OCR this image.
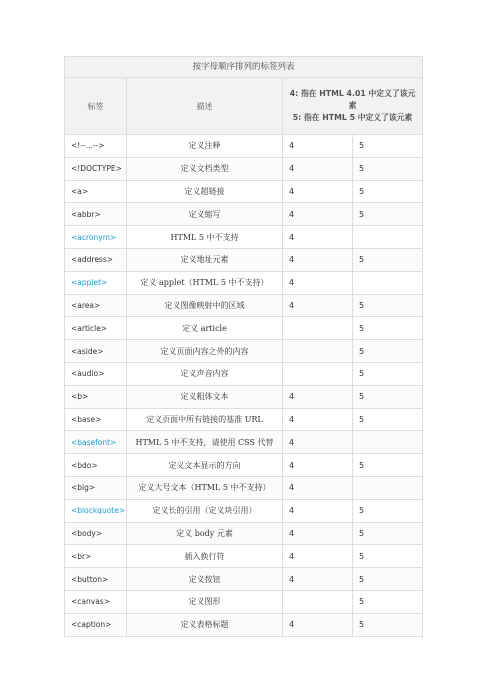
按字母顺序排列的标签列表			
标签	描述	4: 指在 HTML 4.01 中定义了该元素
5: 指在 HTML 5 中定义了该元素	

<!--...-->	定义注释	4	5
<!DOCTYPE>	定义文档类型	4	5
<a>	定义超链接	4	5
<abbr>	定义缩写	4	5
<acronym>	HTML 5 中不支持	4	
<address>	定义地址元素	4	5
<applet>	定义 applet（HTML 5 中不支持）	4	
<area>	定义图像映射中的区域	4	5
<article>	定义 article		5
<aside>	定义页面内容之外的内容		5
<audio>	定义声音内容		5
<b>	定义粗体文本	4	5
<base>	定义页面中所有链接的基准 URL	4	5
<basefont>	HTML 5 中不支持，请使用 CSS 代替	4	
<bdo>	定义文本显示的方向	4	5
<big>	定义大号文本（HTML 5 中不支持）	4	
<blockquote>	定义长的引用（定义块引用）	4	5
<body>	定义 body 元素	4	5
<br>	插入换行符	4	5
<button>	定义按钮	4	5
<canvas>	定义图形		5
<caption>	定义表格标题	4	5
